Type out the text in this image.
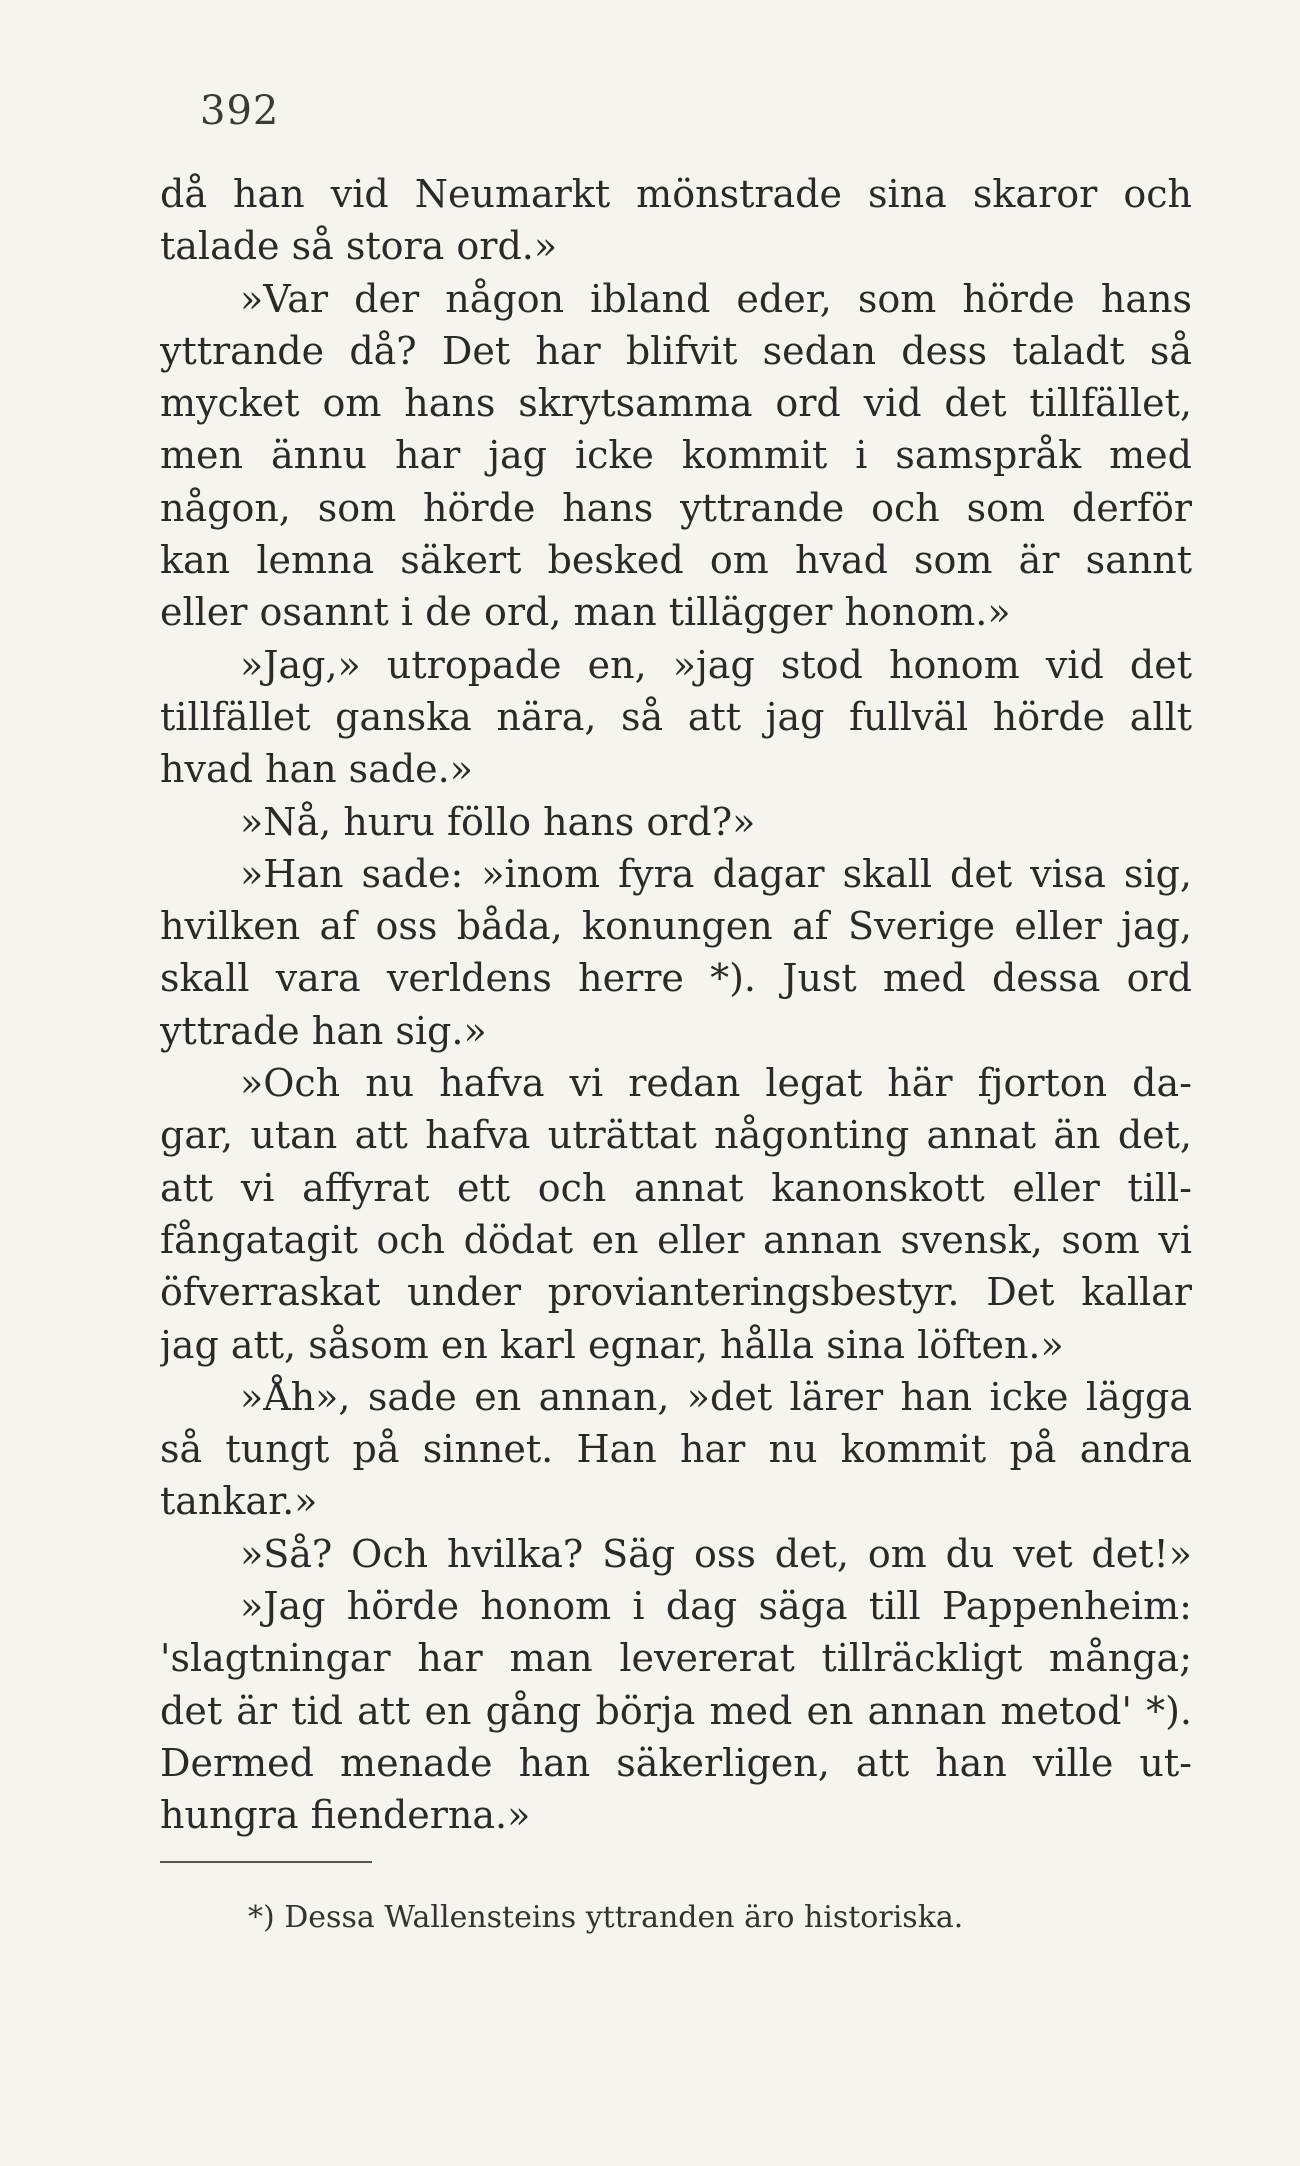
392
då han vid Neumarkt mönstrade sina skaror och
talade så stora ord.»
»Var der någon ibland eder, som hörde hans
yttrande då? Det har blifvit sedan dess taladt så
mycket om hans skrytsamma ord vid det tillfället,
men ännu har jag icke kommit i samspråk med
någon, som hörde hans yttrande och som derför
kan lemna säkert besked om hvad som är sannt
eller osannt i de ord, man tillägger honom.»
»Jag,» utropade en, »jag stod honom vid det
tillfället ganska nära, så att jag fullväl hörde allt
hvad han sade.»
»Nå, huru föllo hans ord?»
»Han sade: »inom fyra dagar skall det visa sig,
hvilken af oss båda, konungen af Sverige eller jag,
skall vara verldens herre *). Just med dessa ord
yttrade han sig.»
»Och nu hafva vi redan legat här fjorton da-
gar, utan att hafva uträttat någonting annat än det,
att vi affyrat ett och annat kanonskott eller till-
fångatagit och dödat en eller annan svensk, som vi
öfverraskat under provianteringsbestyr. Det kallar
jag att, såsom en karl egnar, hålla sina löften.»
»Åh», sade en annan, »det lärer han icke lägga
så tungt på sinnet. Han har nu kommit på andra
tankar.»
»Så? Och hvilka? Säg oss det, om du vet det!»
»Jag hörde honom i dag säga till Pappenheim:
'slagtningar har man levererat tillräckligt många;
det är tid att en gång börja med en annan metod' *).
Dermed menade han säkerligen, att han ville ut-
hungra fienderna.»
*) Dessa Wallensteins yttranden äro historiska.
